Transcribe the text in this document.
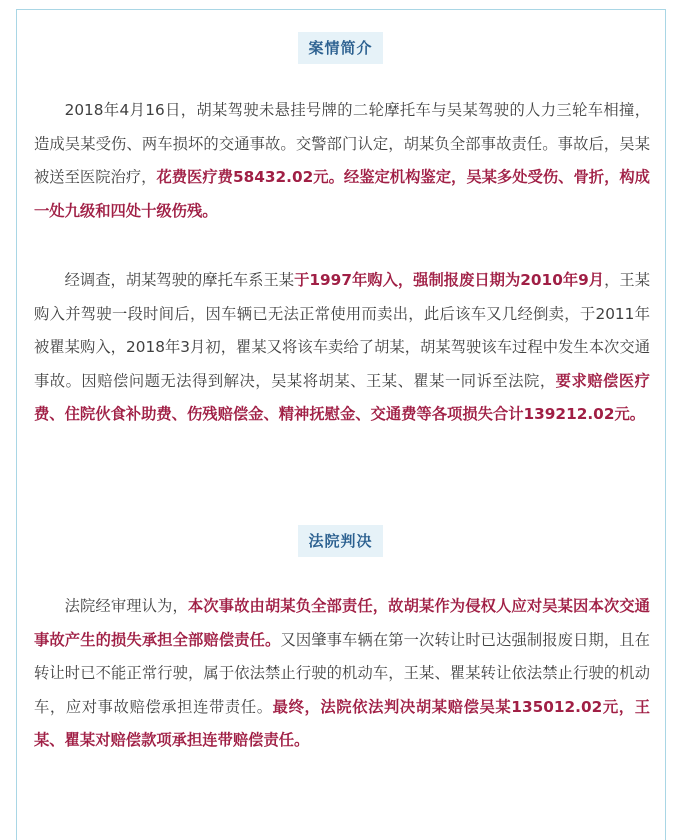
案情简介

2018年4月16日，胡某驾驶未悬挂号牌的二轮摩托车与吴某驾驶的人力三轮车相撞，造成吴某受伤、两车损坏的交通事故。交警部门认定，胡某负全部事故责任。事故后，吴某被送至医院治疗，花费医疗费58432.02元。经鉴定机构鉴定，吴某多处受伤、骨折，构成一处九级和四处十级伤残。

经调查，胡某驾驶的摩托车系王某于1997年购入，强制报废日期为2010年9月，王某购入并驾驶一段时间后，因车辆已无法正常使用而卖出，此后该车又几经倒卖，于2011年被瞿某购入，2018年3月初，瞿某又将该车卖给了胡某，胡某驾驶该车过程中发生本次交通事故。因赔偿问题无法得到解决，吴某将胡某、王某、瞿某一同诉至法院，要求赔偿医疗费、住院伙食补助费、伤残赔偿金、精神抚慰金、交通费等各项损失合计139212.02元。

法院判决

法院经审理认为，本次事故由胡某负全部责任，故胡某作为侵权人应对吴某因本次交通事故产生的损失承担全部赔偿责任。又因肇事车辆在第一次转让时已达强制报废日期，且在转让时已不能正常行驶，属于依法禁止行驶的机动车，王某、瞿某转让依法禁止行驶的机动车，应对事故赔偿承担连带责任。最终，法院依法判决胡某赔偿吴某135012.02元，王某、瞿某对赔偿款项承担连带赔偿责任。
